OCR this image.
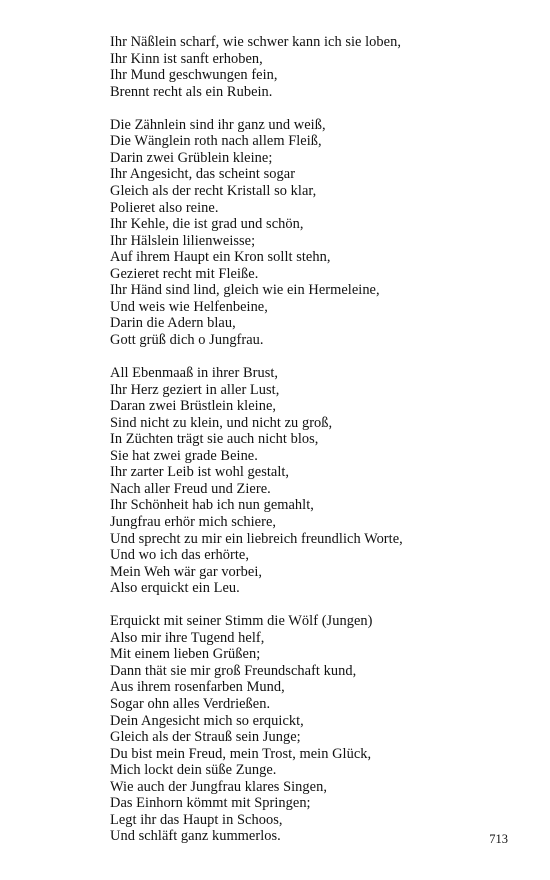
Ihr Näßlein scharf, wie schwer kann ich sie loben,
Ihr Kinn ist sanft erhoben,
Ihr Mund geschwungen fein,
Brennt recht als ein Rubein.
Die Zähnlein sind ihr ganz und weiß,
Die Wänglein roth nach allem Fleiß,
Darin zwei Grüblein kleine;
Ihr Angesicht, das scheint sogar
Gleich als der recht Kristall so klar,
Polieret also reine.
Ihr Kehle, die ist grad und schön,
Ihr Hälslein lilienweisse;
Auf ihrem Haupt ein Kron sollt stehn,
Gezieret recht mit Fleiße.
Ihr Händ sind lind, gleich wie ein Hermeleine,
Und weis wie Helfenbeine,
Darin die Adern blau,
Gott grüß dich o Jungfrau.
All Ebenmaaß in ihrer Brust,
Ihr Herz geziert in aller Lust,
Daran zwei Brüstlein kleine,
Sind nicht zu klein, und nicht zu groß,
In Züchten trägt sie auch nicht blos,
Sie hat zwei grade Beine.
Ihr zarter Leib ist wohl gestalt,
Nach aller Freud und Ziere.
Ihr Schönheit hab ich nun gemahlt,
Jungfrau erhör mich schiere,
Und sprecht zu mir ein liebreich freundlich Worte,
Und wo ich das erhörte,
Mein Weh wär gar vorbei,
Also erquickt ein Leu.
Erquickt mit seiner Stimm die Wölf (Jungen)
Also mir ihre Tugend helf,
Mit einem lieben Grüßen;
Dann thät sie mir groß Freundschaft kund,
Aus ihrem rosenfarben Mund,
Sogar ohn alles Verdrießen.
Dein Angesicht mich so erquickt,
Gleich als der Strauß sein Junge;
Du bist mein Freud, mein Trost, mein Glück,
Mich lockt dein süße Zunge.
Wie auch der Jungfrau klares Singen,
Das Einhorn kömmt mit Springen;
Legt ihr das Haupt in Schoos,
Und schläft ganz kummerlos.	713
